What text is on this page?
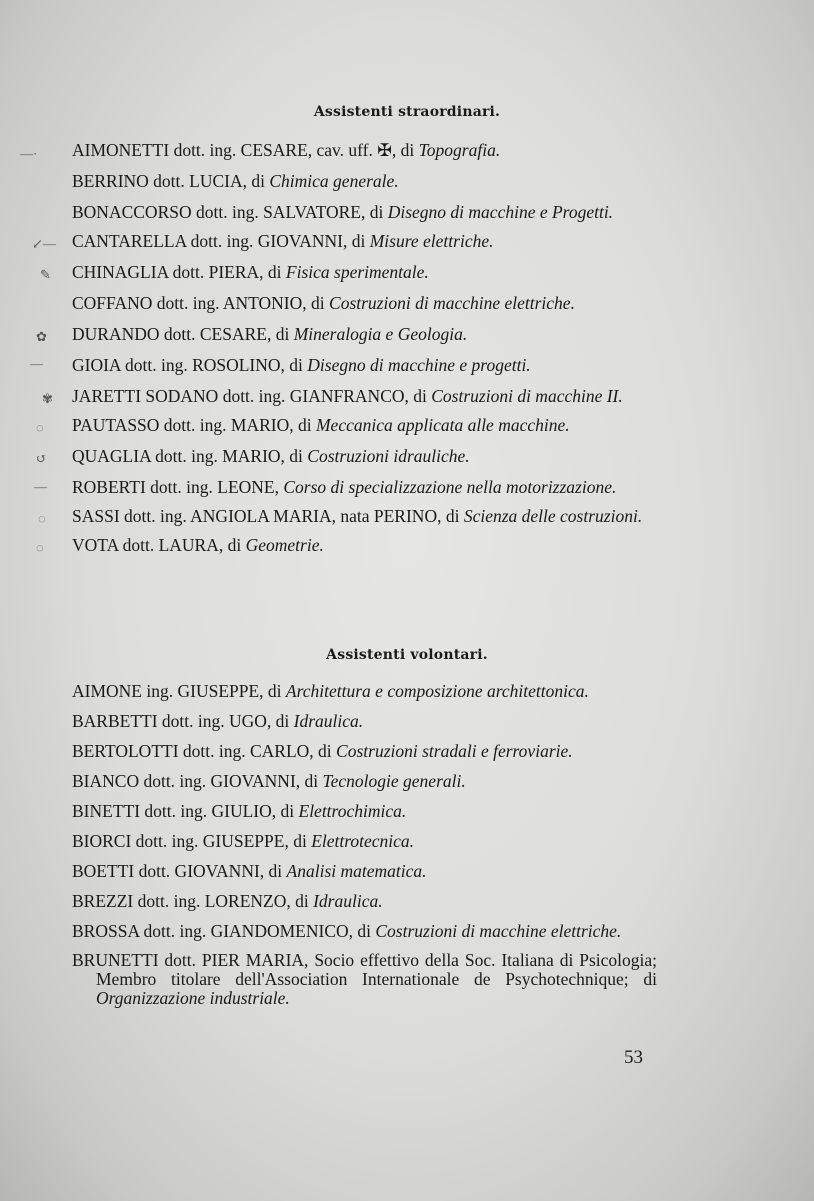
Assistenti straordinari.
—· AIMONETTI dott. ing. CESARE, cav. uff. ✠, di Topografia.
BERRINO dott. LUCIA, di Chimica generale.
BONACCORSO dott. ing. SALVATORE, di Disegno di macchine e Progetti.
↙— CANTARELLA dott. ing. GIOVANNI, di Misure elettriche.
✎ CHINAGLIA dott. PIERA, di Fisica sperimentale.
COFFANO dott. ing. ANTONIO, di Costruzioni di macchine elettriche.
✿ DURANDO dott. CESARE, di Mineralogia e Geologia.
— GIOIA dott. ing. ROSOLINO, di Disegno di macchine e progetti.
✾ JARETTI SODANO dott. ing. GIANFRANCO, di Costruzioni di macchine II.
◌ PAUTASSO dott. ing. MARIO, di Meccanica applicata alle macchine.
↺ QUAGLIA dott. ing. MARIO, di Costruzioni idrauliche.
— ROBERTI dott. ing. LEONE, Corso di specializzazione nella motorizzazione.
◌ SASSI dott. ing. ANGIOLA MARIA, nata PERINO, di Scienza delle costruzioni.
◌ VOTA dott. LAURA, di Geometrie.
Assistenti volontari.
AIMONE ing. GIUSEPPE, di Architettura e composizione architettonica.
BARBETTI dott. ing. UGO, di Idraulica.
BERTOLOTTI dott. ing. CARLO, di Costruzioni stradali e ferroviarie.
BIANCO dott. ing. GIOVANNI, di Tecnologie generali.
BINETTI dott. ing. GIULIO, di Elettrochimica.
BIORCI dott. ing. GIUSEPPE, di Elettrotecnica.
BOETTI dott. GIOVANNI, di Analisi matematica.
BREZZI dott. ing. LORENZO, di Idraulica.
BROSSA dott. ing. GIANDOMENICO, di Costruzioni di macchine elettriche.
BRUNETTI dott. PIER MARIA, Socio effettivo della Soc. Italiana di Psicologia; Membro titolare dell'Association Internationale de Psychotechnique; di Organizzazione industriale.
53
